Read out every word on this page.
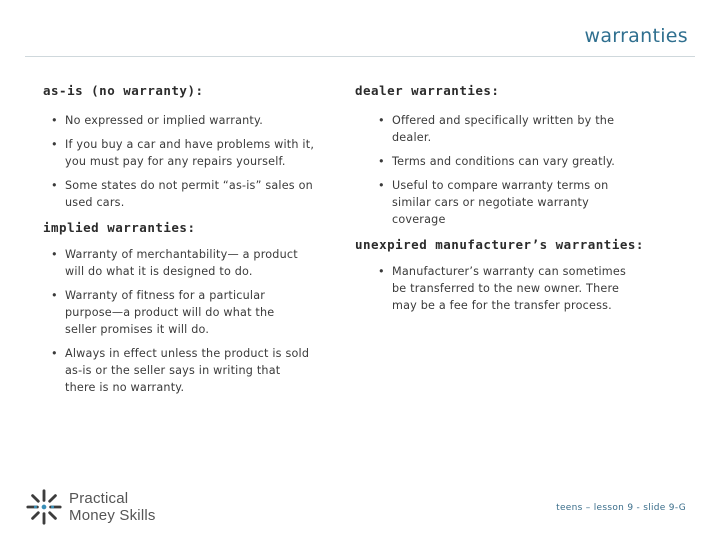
warranties
as-is (no warranty):
• No expressed or implied warranty.
• If you buy a car and have problems with it, you must pay for any repairs yourself.
• Some states do not permit “as-is” sales on used cars.
implied warranties:
• Warranty of merchantability— a product will do what it is designed to do.
• Warranty of fitness for a particular purpose—a product will do what the seller promises it will do.
• Always in effect unless the product is sold as-is or the seller says in writing that there is no warranty.
dealer warranties:
• Offered and specifically written by the dealer.
• Terms and conditions can vary greatly.
• Useful to compare warranty terms on similar cars or negotiate warranty coverage
unexpired manufacturer’s warranties:
• Manufacturer’s warranty can sometimes be transferred to the new owner. There may be a fee for the transfer process.
Practical
Money Skills	teens – lesson 9 - slide 9-G
